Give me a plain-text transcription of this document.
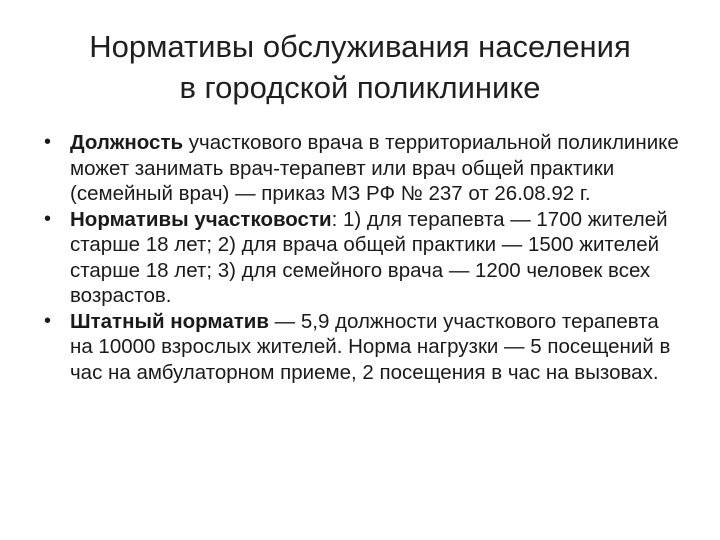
Нормативы обслуживания населения
в городской поликлинике
• Должность участкового врача в территориальной поликлинике может занимать врач-терапевт или врач общей практики (семейный врач) — приказ МЗ РФ № 237 от 26.08.92 г.
• Нормативы участковости: 1) для терапевта — 1700 жителей старше 18 лет; 2) для врача общей практики — 1500 жителей старше 18 лет; 3) для семейного врача — 1200 человек всех возрастов.
• Штатный норматив — 5,9 должности участкового терапевта на 10000 взрослых жителей. Норма нагрузки — 5 посещений в час на амбулаторном приеме, 2 посещения в час на вызовах.
